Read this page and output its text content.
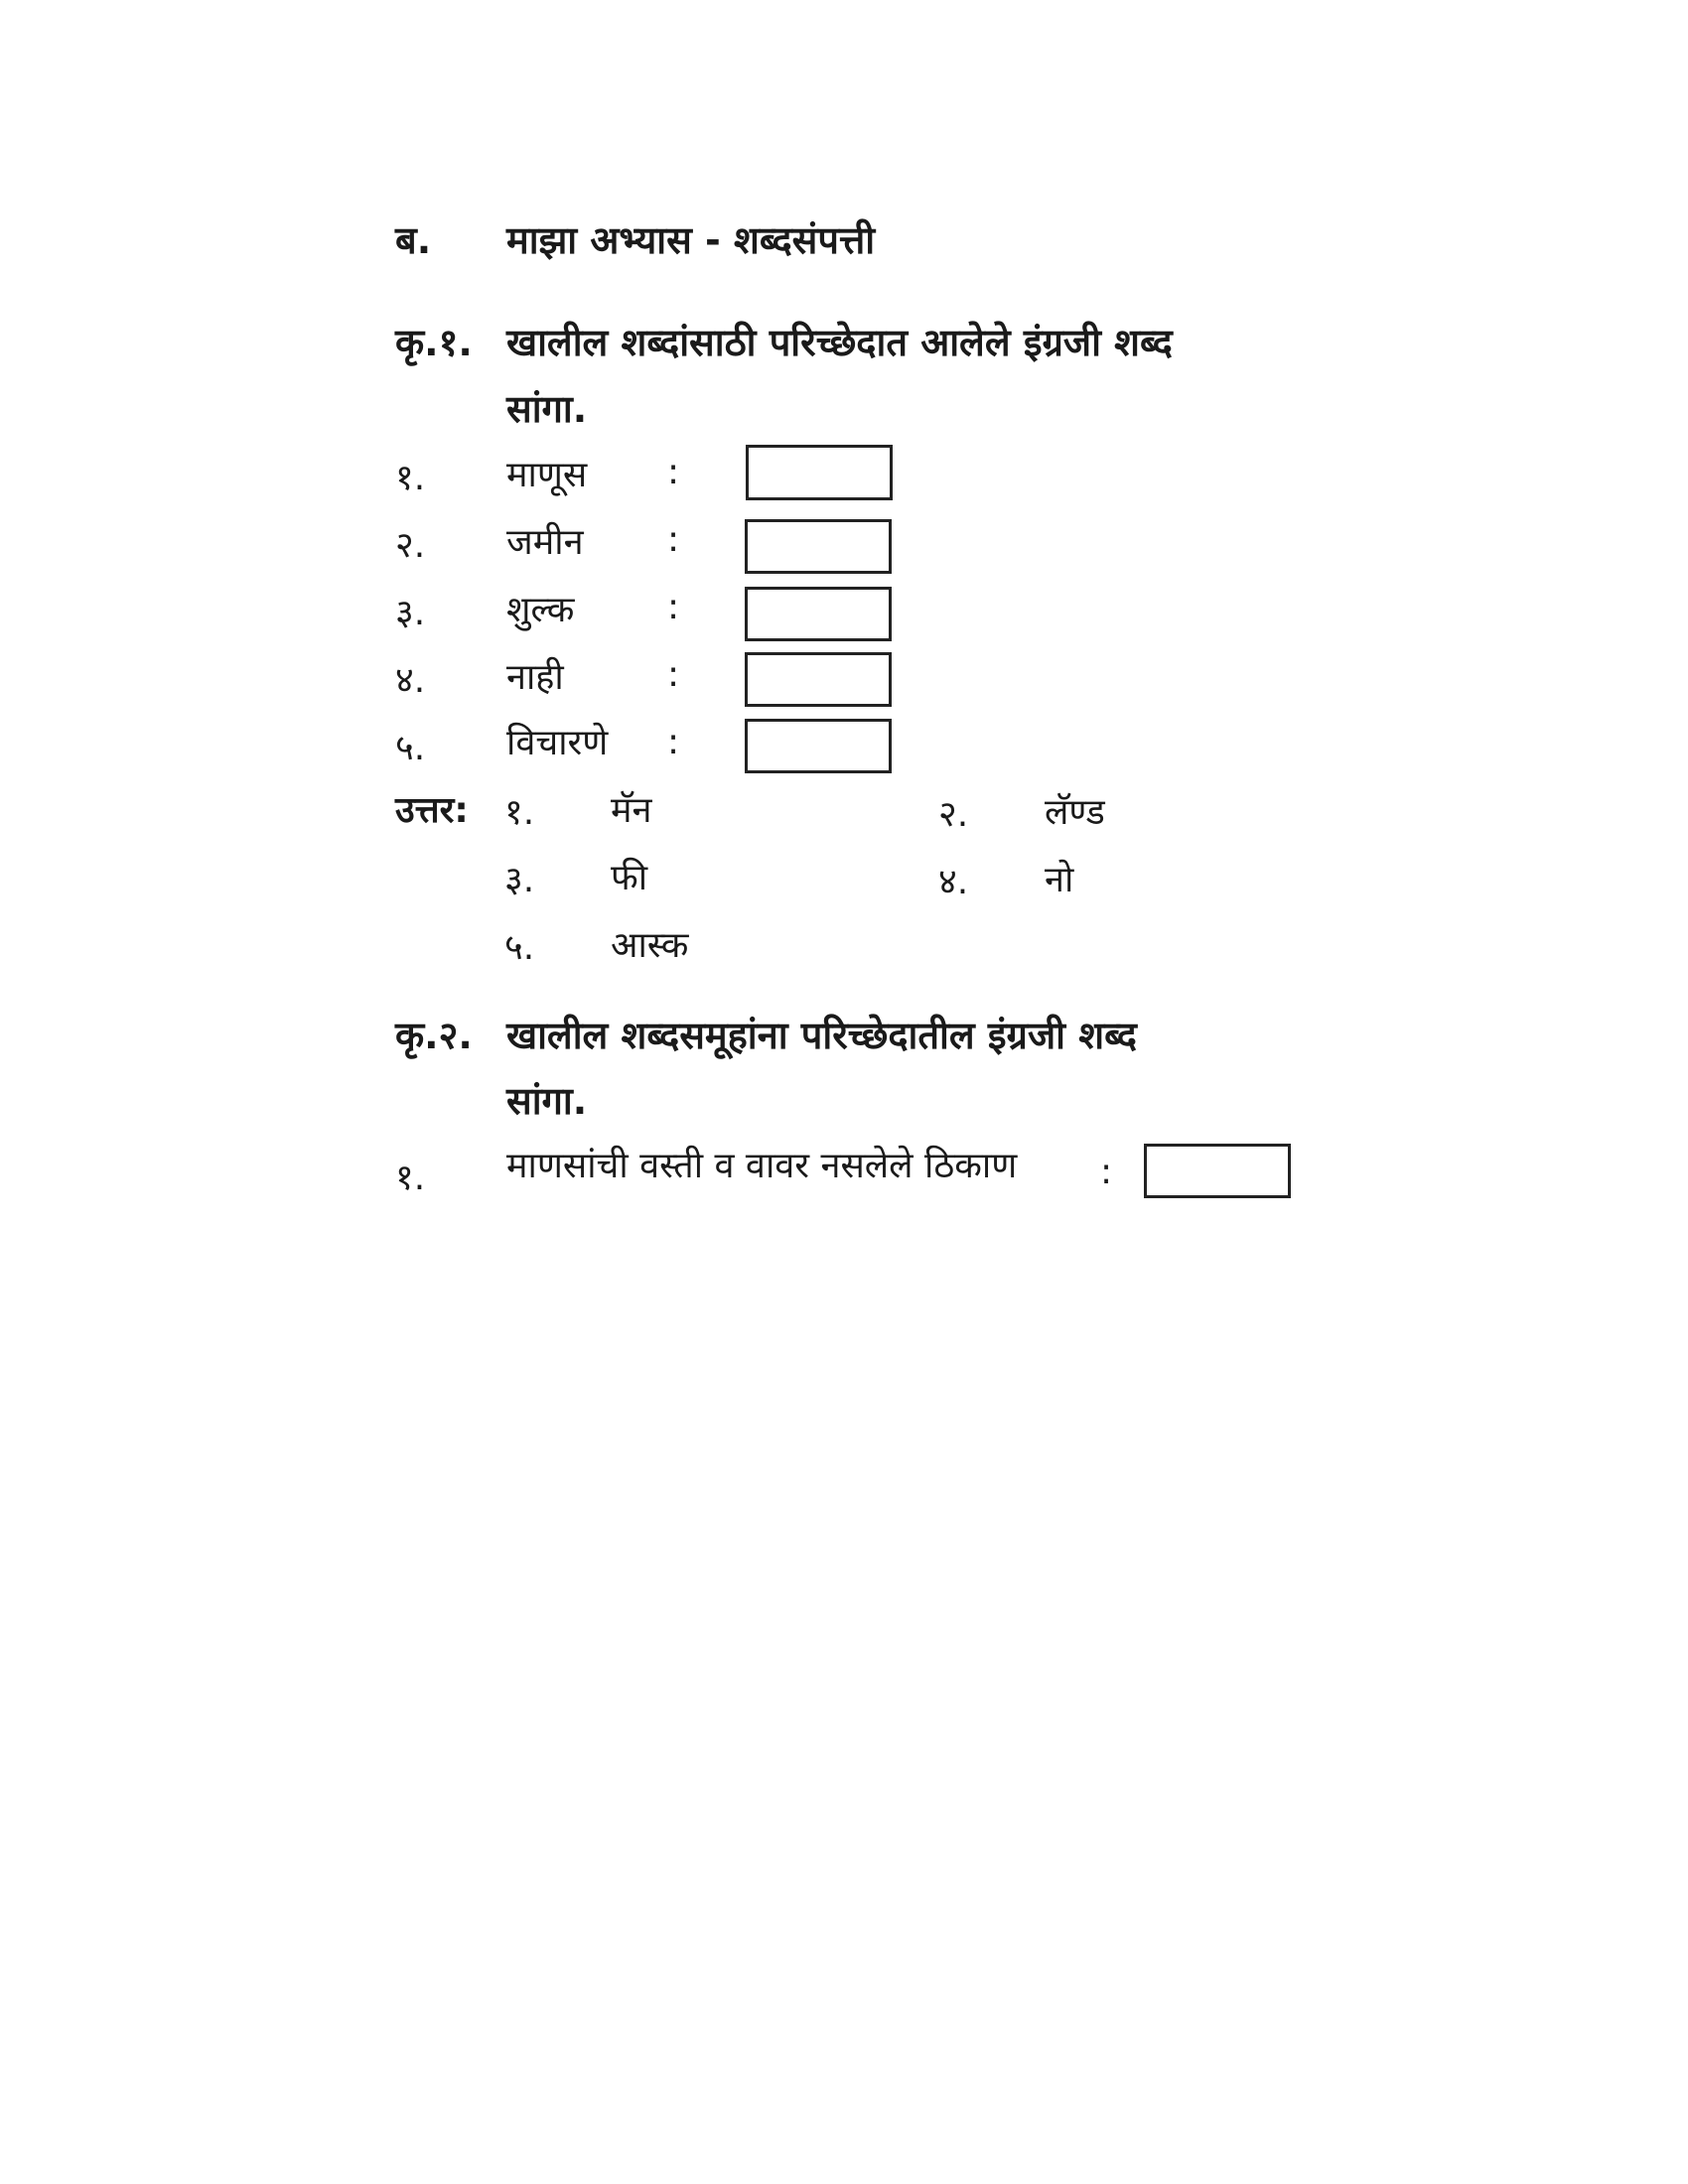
ब. माझा अभ्यास - शब्दसंपत्ती
कृ.१. खालील शब्दांसाठी परिच्छेदात आलेले इंग्रजी शब्द
सांगा.
१. माणूस :
२. जमीन :
३. शुल्क	:
४. नाही	:
५. विचारणे :
उत्तर: १. मॅन	२. लॅण्ड
३. फी	४. नो
५. आस्क
कृ.२. खालील शब्दसमूहांना परिच्छेदातील इंग्रजी शब्द
सांगा.
१. माणसांची वस्ती व वावर नसलेले ठिकाण :
